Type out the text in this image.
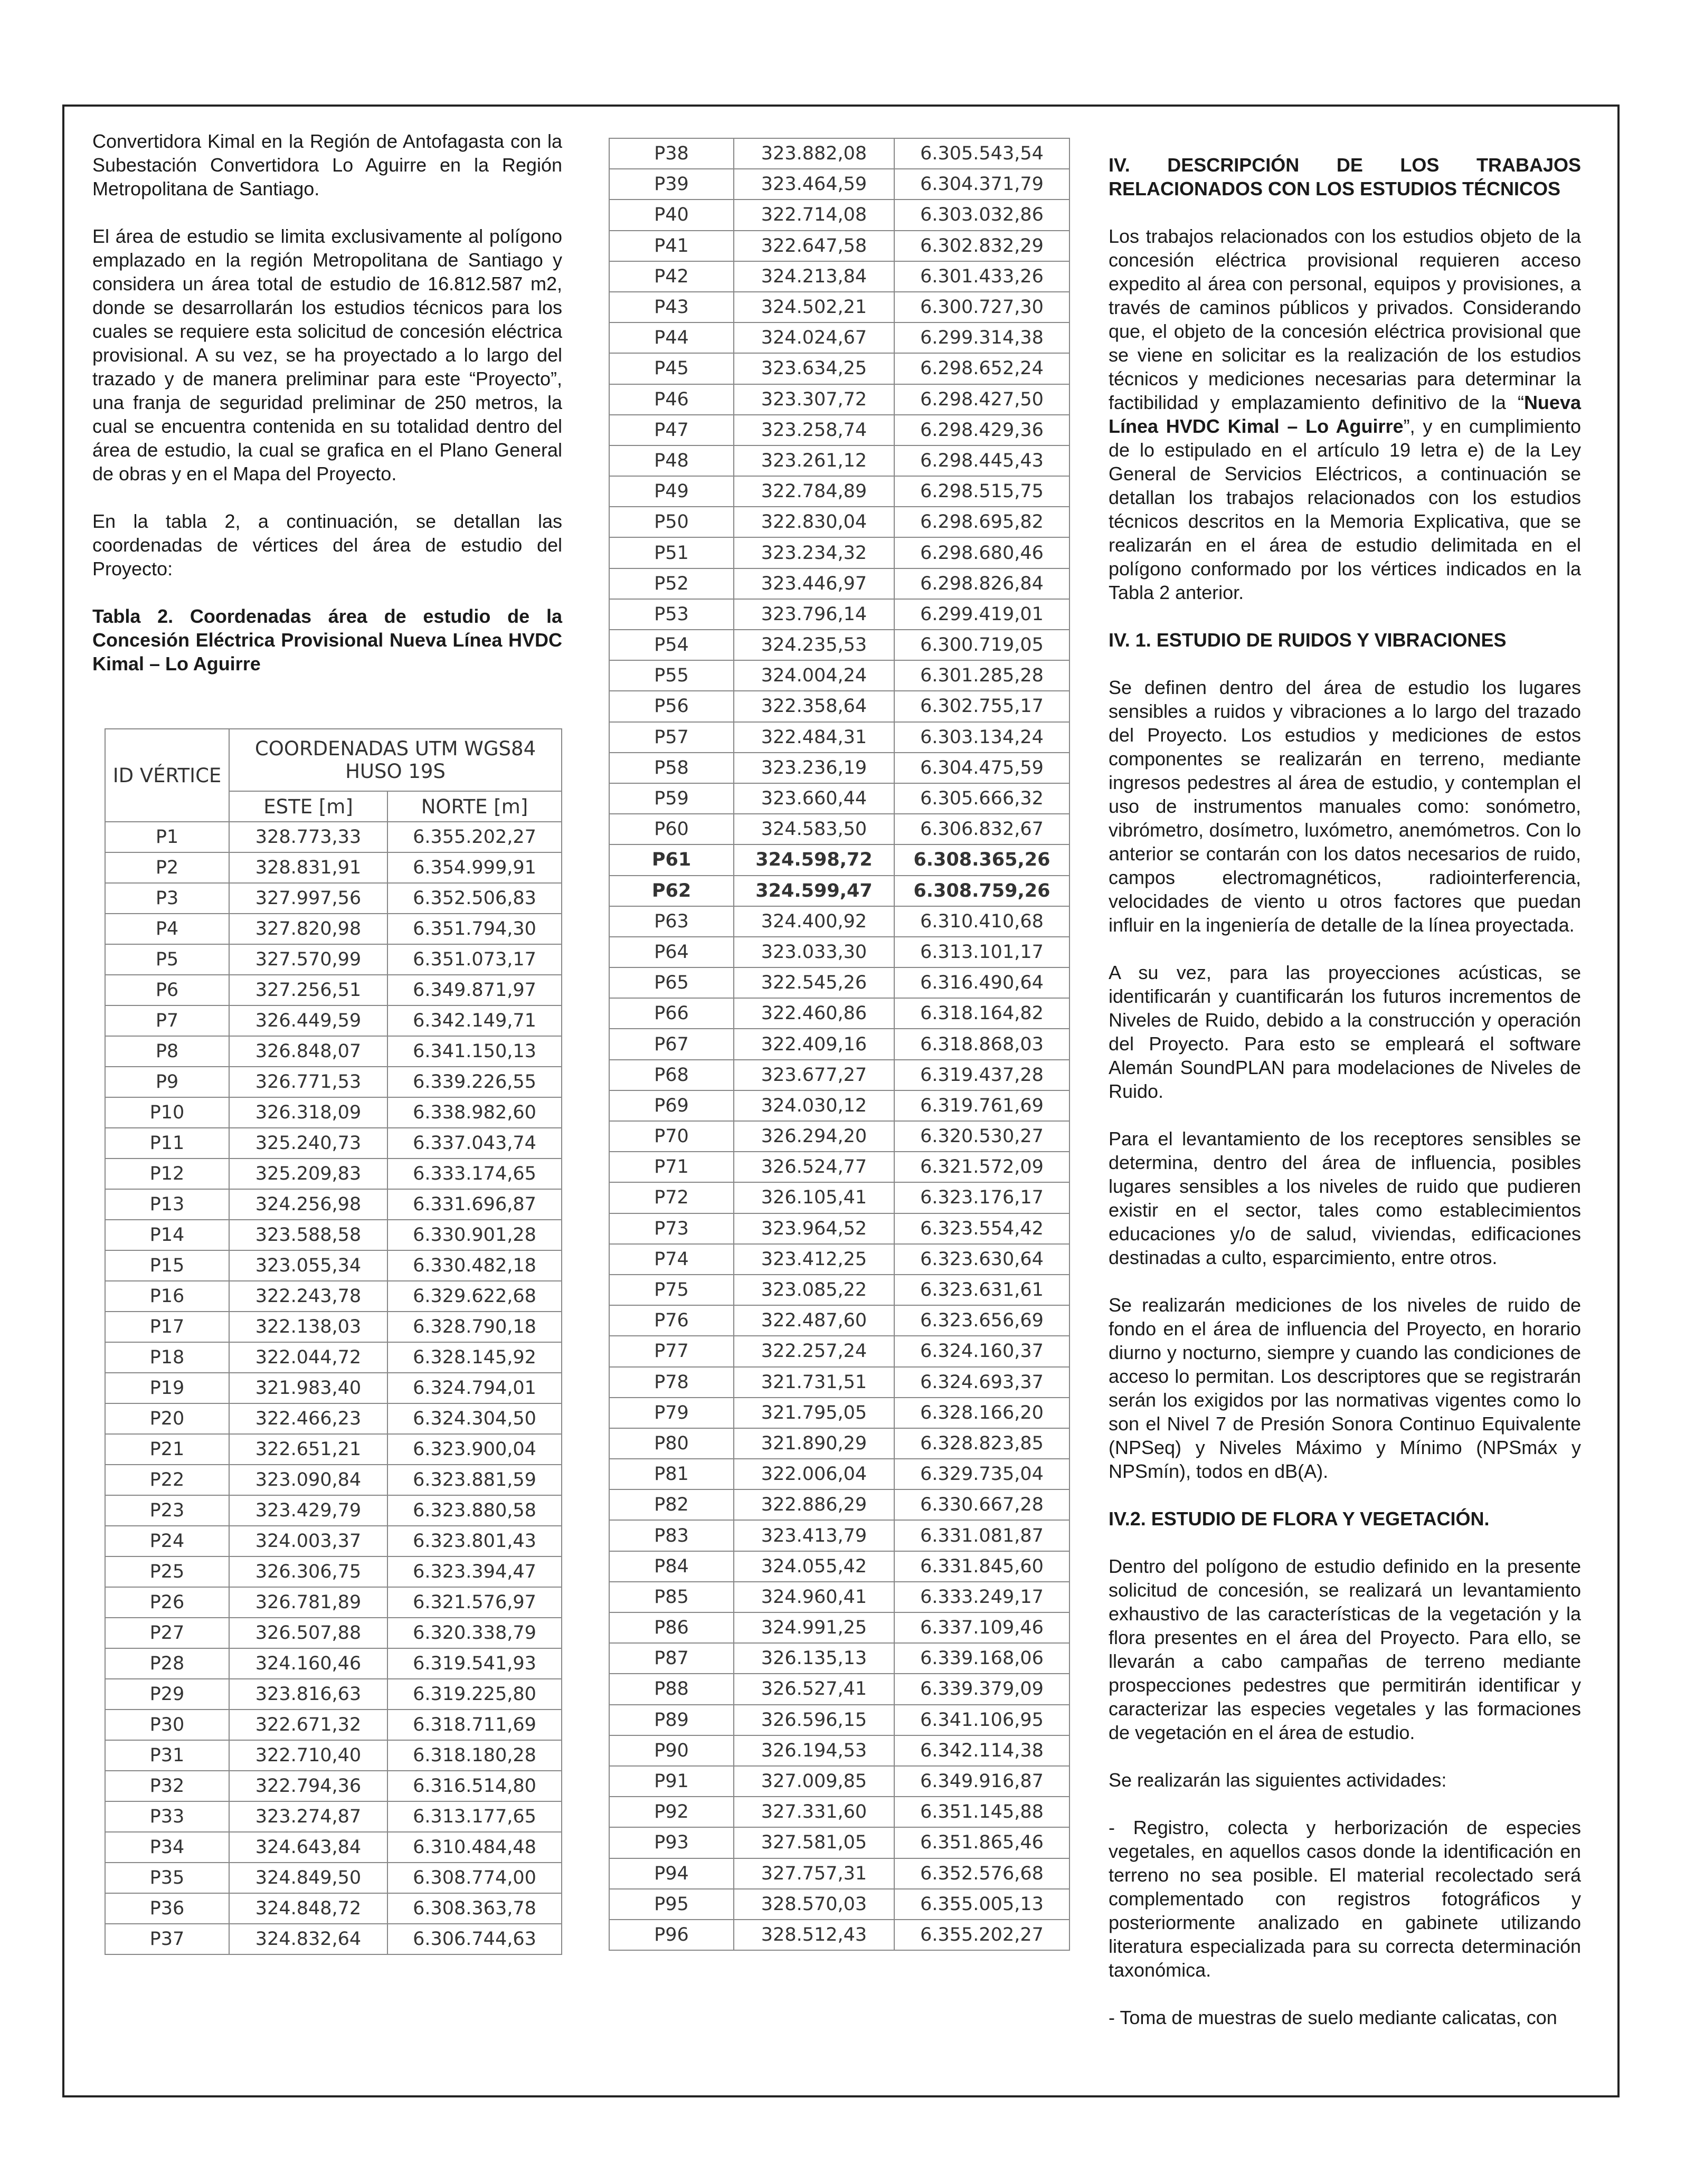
Convertidora Kimal en la Región de Antofagasta con la Subestación Convertidora Lo Aguirre en la Región Metropolitana de Santiago.

El área de estudio se limita exclusivamente al polígono emplazado en la región Metropolitana de Santiago y considera un área total de estudio de 16.812.587 m2, donde se desarrollarán los estudios técnicos para los cuales se requiere esta solicitud de concesión eléctrica provisional. A su vez, se ha proyectado a lo largo del trazado y de manera preliminar para este “Proyecto”, una franja de seguridad preliminar de 250 metros, la cual se encuentra contenida en su totalidad dentro del área de estudio, la cual se grafica en el Plano General de obras y en el Mapa del Proyecto.

En la tabla 2, a continuación, se detallan las coordenadas de vértices del área de estudio del Proyecto:

Tabla 2. Coordenadas área de estudio de la Concesión Eléctrica Provisional Nueva Línea HVDC Kimal – Lo Aguirre

ID VÉRTICE	COORDENADAS UTM WGS84 HUSO 19S	
	ESTE [m]	NORTE [m]
P1	328.773,33	6.355.202,27
P2	328.831,91	6.354.999,91
P3	327.997,56	6.352.506,83
P4	327.820,98	6.351.794,30
P5	327.570,99	6.351.073,17
P6	327.256,51	6.349.871,97
P7	326.449,59	6.342.149,71
P8	326.848,07	6.341.150,13
P9	326.771,53	6.339.226,55
P10	326.318,09	6.338.982,60
P11	325.240,73	6.337.043,74
P12	325.209,83	6.333.174,65
P13	324.256,98	6.331.696,87
P14	323.588,58	6.330.901,28
P15	323.055,34	6.330.482,18
P16	322.243,78	6.329.622,68
P17	322.138,03	6.328.790,18
P18	322.044,72	6.328.145,92
P19	321.983,40	6.324.794,01
P20	322.466,23	6.324.304,50
P21	322.651,21	6.323.900,04
P22	323.090,84	6.323.881,59
P23	323.429,79	6.323.880,58
P24	324.003,37	6.323.801,43
P25	326.306,75	6.323.394,47
P26	326.781,89	6.321.576,97
P27	326.507,88	6.320.338,79
P28	324.160,46	6.319.541,93
P29	323.816,63	6.319.225,80
P30	322.671,32	6.318.711,69
P31	322.710,40	6.318.180,28
P32	322.794,36	6.316.514,80
P33	323.274,87	6.313.177,65
P34	324.643,84	6.310.484,48
P35	324.849,50	6.308.774,00
P36	324.848,72	6.308.363,78
P37	324.832,64	6.306.744,63
P38	323.882,08	6.305.543,54
P39	323.464,59	6.304.371,79
P40	322.714,08	6.303.032,86
P41	322.647,58	6.302.832,29
P42	324.213,84	6.301.433,26
P43	324.502,21	6.300.727,30
P44	324.024,67	6.299.314,38
P45	323.634,25	6.298.652,24
P46	323.307,72	6.298.427,50
P47	323.258,74	6.298.429,36
P48	323.261,12	6.298.445,43
P49	322.784,89	6.298.515,75
P50	322.830,04	6.298.695,82
P51	323.234,32	6.298.680,46
P52	323.446,97	6.298.826,84
P53	323.796,14	6.299.419,01
P54	324.235,53	6.300.719,05
P55	324.004,24	6.301.285,28
P56	322.358,64	6.302.755,17
P57	322.484,31	6.303.134,24
P58	323.236,19	6.304.475,59
P59	323.660,44	6.305.666,32
P60	324.583,50	6.306.832,67
P61	324.598,72	6.308.365,26
P62	324.599,47	6.308.759,26
P63	324.400,92	6.310.410,68
P64	323.033,30	6.313.101,17
P65	322.545,26	6.316.490,64
P66	322.460,86	6.318.164,82
P67	322.409,16	6.318.868,03
P68	323.677,27	6.319.437,28
P69	324.030,12	6.319.761,69
P70	326.294,20	6.320.530,27
P71	326.524,77	6.321.572,09
P72	326.105,41	6.323.176,17
P73	323.964,52	6.323.554,42
P74	323.412,25	6.323.630,64
P75	323.085,22	6.323.631,61
P76	322.487,60	6.323.656,69
P77	322.257,24	6.324.160,37
P78	321.731,51	6.324.693,37
P79	321.795,05	6.328.166,20
P80	321.890,29	6.328.823,85
P81	322.006,04	6.329.735,04
P82	322.886,29	6.330.667,28
P83	323.413,79	6.331.081,87
P84	324.055,42	6.331.845,60
P85	324.960,41	6.333.249,17
P86	324.991,25	6.337.109,46
P87	326.135,13	6.339.168,06
P88	326.527,41	6.339.379,09
P89	326.596,15	6.341.106,95
P90	326.194,53	6.342.114,38
P91	327.009,85	6.349.916,87
P92	327.331,60	6.351.145,88
P93	327.581,05	6.351.865,46
P94	327.757,31	6.352.576,68
P95	328.570,03	6.355.005,13
P96	328.512,43	6.355.202,27

IV. DESCRIPCIÓN DE LOS TRABAJOS RELACIONADOS CON LOS ESTUDIOS TÉCNICOS

Los trabajos relacionados con los estudios objeto de la concesión eléctrica provisional requieren acceso expedito al área con personal, equipos y provisiones, a través de caminos públicos y privados. Considerando que, el objeto de la concesión eléctrica provisional que se viene en solicitar es la realización de los estudios técnicos y mediciones necesarias para determinar la factibilidad y emplazamiento definitivo de la “Nueva Línea HVDC Kimal – Lo Aguirre”, y en cumplimiento de lo estipulado en el artículo 19 letra e) de la Ley General de Servicios Eléctricos, a continuación se detallan los trabajos relacionados con los estudios técnicos descritos en la Memoria Explicativa, que se realizarán en el área de estudio delimitada en el polígono conformado por los vértices indicados en la Tabla 2 anterior.

IV. 1. ESTUDIO DE RUIDOS Y VIBRACIONES

Se definen dentro del área de estudio los lugares sensibles a ruidos y vibraciones a lo largo del trazado del Proyecto. Los estudios y mediciones de estos componentes se realizarán en terreno, mediante ingresos pedestres al área de estudio, y contemplan el uso de instrumentos manuales como: sonómetro, vibrómetro, dosímetro, luxómetro, anemómetros. Con lo anterior se contarán con los datos necesarios de ruido, campos electromagnéticos, radiointerferencia, velocidades de viento u otros factores que puedan influir en la ingeniería de detalle de la línea proyectada.

A su vez, para las proyecciones acústicas, se identificarán y cuantificarán los futuros incrementos de Niveles de Ruido, debido a la construcción y operación del Proyecto. Para esto se empleará el software Alemán SoundPLAN para modelaciones de Niveles de Ruido.

Para el levantamiento de los receptores sensibles se determina, dentro del área de influencia, posibles lugares sensibles a los niveles de ruido que pudieren existir en el sector, tales como establecimientos educaciones y/o de salud, viviendas, edificaciones destinadas a culto, esparcimiento, entre otros.

Se realizarán mediciones de los niveles de ruido de fondo en el área de influencia del Proyecto, en horario diurno y nocturno, siempre y cuando las condiciones de acceso lo permitan. Los descriptores que se registrarán serán los exigidos por las normativas vigentes como lo son el Nivel 7 de Presión Sonora Continuo Equivalente (NPSeq) y Niveles Máximo y Mínimo (NPSmáx y NPSmín), todos en dB(A).

IV.2. ESTUDIO DE FLORA Y VEGETACIÓN.

Dentro del polígono de estudio definido en la presente solicitud de concesión, se realizará un levantamiento exhaustivo de las características de la vegetación y la flora presentes en el área del Proyecto. Para ello, se llevarán a cabo campañas de terreno mediante prospecciones pedestres que permitirán identificar y caracterizar las especies vegetales y las formaciones de vegetación en el área de estudio.

Se realizarán las siguientes actividades:

- Registro, colecta y herborización de especies vegetales, en aquellos casos donde la identificación en terreno no sea posible. El material recolectado será complementado con registros fotográficos y posteriormente analizado en gabinete utilizando literatura especializada para su correcta determinación taxonómica.

- Toma de muestras de suelo mediante calicatas, con
